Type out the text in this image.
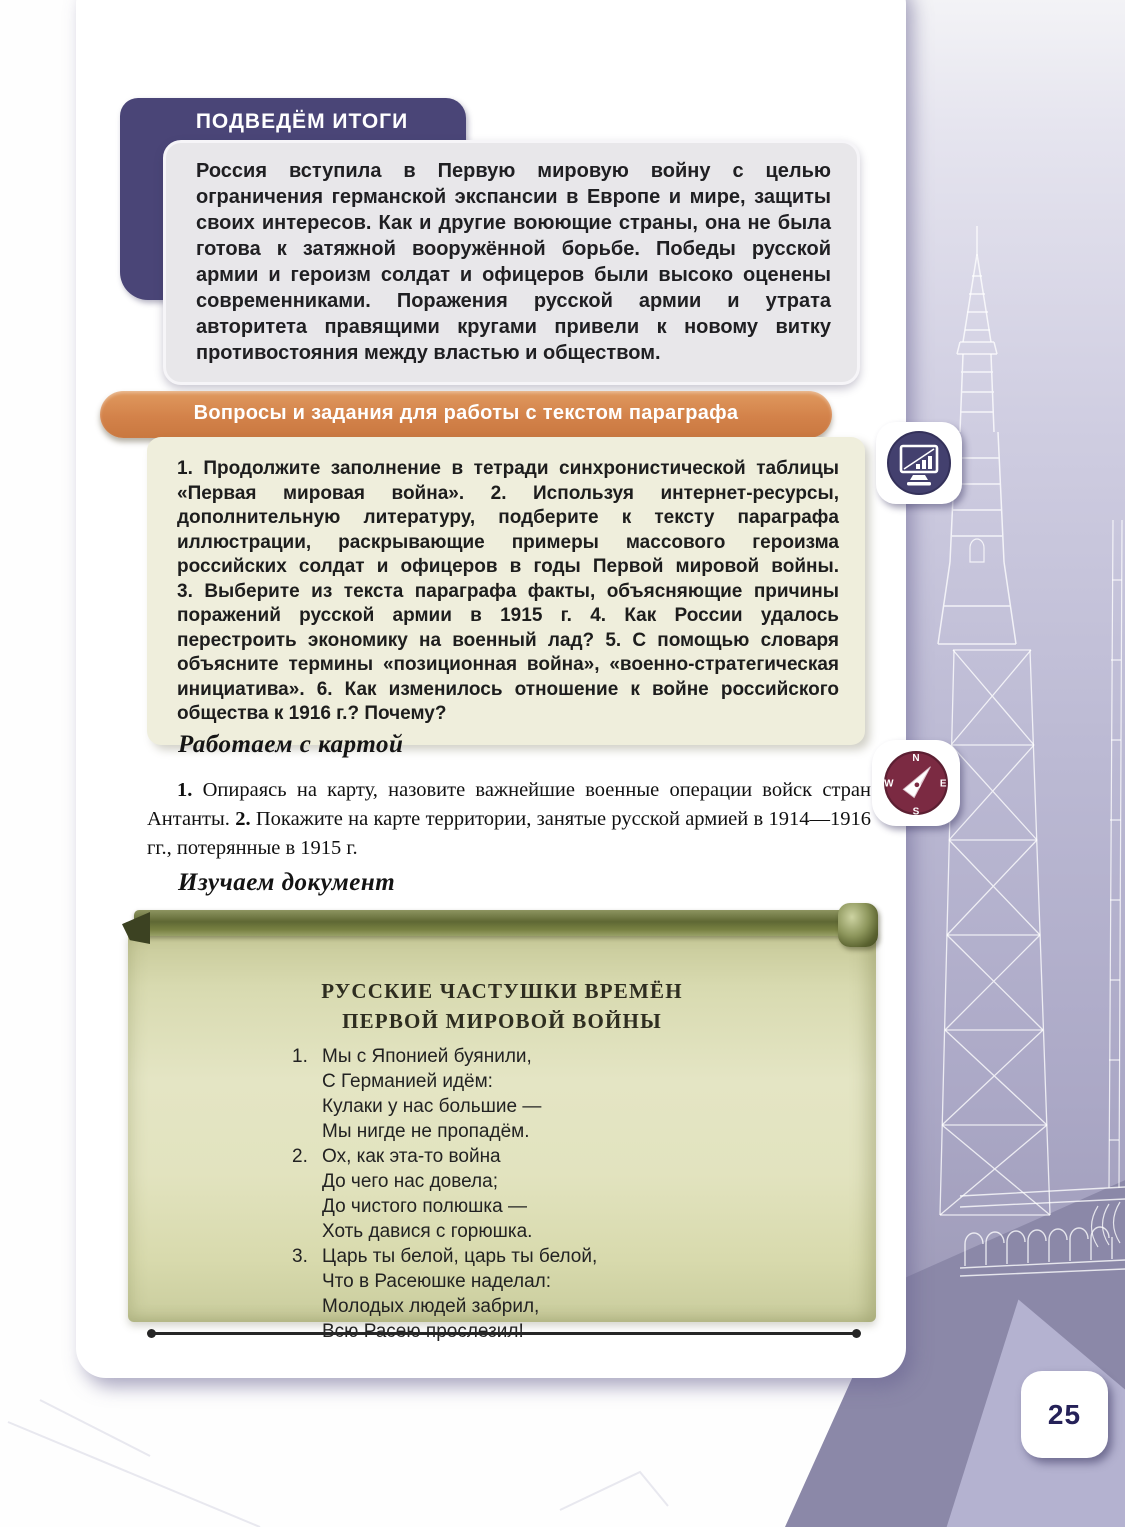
ПОДВЕДЁМ ИТОГИ

Россия вступила в Первую мировую войну с целью ограничения германской экспансии в Европе и мире, защиты своих интересов. Как и другие воюющие страны, она не была готова к затяжной вооружённой борьбе. Победы русской армии и героизм солдат и офицеров были высоко оценены современниками. Поражения русской армии и утрата авторитета правящими кругами привели к новому витку противостояния между властью и обществом.

Вопросы и задания для работы с текстом параграфа

1. Продолжите заполнение в тетради синхронистической таблицы «Первая мировая война». 2. Используя интернет-ресурсы, дополнительную литературу, подберите к тексту параграфа иллюстрации, раскрывающие примеры массового героизма российских солдат и офицеров в годы Первой мировой войны. 3. Выберите из текста параграфа факты, объясняющие причины поражений русской армии в 1915 г. 4. Как России удалось перестроить экономику на военный лад? 5. С помощью словаря объясните термины «позиционная война», «военно-стратегическая инициатива». 6. Как изменилось отношение к войне российского общества к 1916 г.? Почему?

Работаем с картой

1. Опираясь на карту, назовите важнейшие военные операции войск стран Антанты. 2. Покажите на карте территории, занятые русской армией в 1914—1916 гг., потерянные в 1915 г.

Изучаем документ
РУССКИЕ ЧАСТУШКИ ВРЕМЁН
ПЕРВОЙ МИРОВОЙ ВОЙНЫ
1. Мы с Японией буянили,
С Германией идём:
Кулаки у нас большие —
Мы нигде не пропадём.
2. Ох, как эта-то война
До чего нас довела;
До чистого полюшка —
Хоть давися с горюшка.
3. Царь ты белой, царь ты белой,
Что в Расеюшке наделал:
Молодых людей забрил,
N
E
S
W
25
